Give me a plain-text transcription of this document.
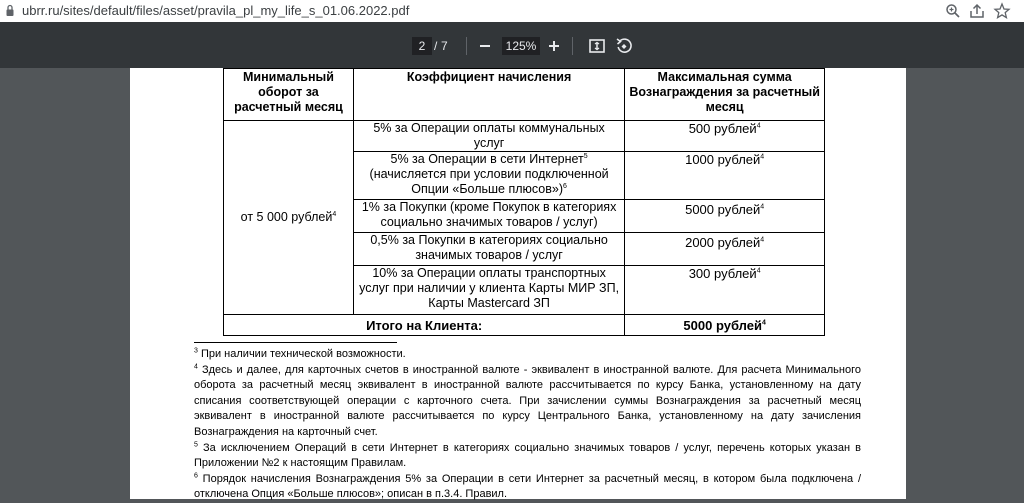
ubrr.ru/sites/default/files/asset/pravila_pl_my_life_s_01.06.2022.pdf
2 / 7	125%
Минимальный оборот за расчетный месяц	Коэффициент начисления	Максимальная сумма Вознаграждения за расчетный месяц
от 5 000 рублей$^4$	5% за Операции оплаты коммунальных услуг	500 рублей$^4$
	5% за Операции в сети Интернет$^5$ (начисляется при условии подключенной Опции «Больше плюсов»)$^6$	1000 рублей$^4$
	1% за Покупки (кроме Покупок в категориях социально значимых товаров / услуг)	5000 рублей$^4$
	0,5% за Покупки в категориях социально значимых товаров / услуг	2000 рублей$^4$
	10% за Операции оплаты транспортных услуг при наличии у клиента Карты МИР ЗП, Карты Mastercard ЗП	300 рублей$^4$
Итого на Клиента:		5000 рублей$^4$

$^3$ При наличии технической возможности.

$^4$ Здесь и далее, для карточных счетов в иностранной валюте - эквивалент в иностранной валюте. Для расчета Минимального оборота за расчетный месяц эквивалент в иностранной валюте рассчитывается по курсу Банка, установленному на дату списания соответствующей операции с карточного счета. При зачислении суммы Вознаграждения за расчетный месяц эквивалент в иностранной валюте рассчитывается по курсу Центрального Банка, установленному на дату зачисления Вознаграждения на карточный счет.

$^5$ За исключением Операций в сети Интернет в категориях социально значимых товаров / услуг, перечень которых указан в Приложении №2 к настоящим Правилам.

$^6$ Порядок начисления Вознаграждения 5% за Операции в сети Интернет за расчетный месяц, в котором была подключена / отключена Опция «Больше плюсов»; описан в п.3.4. Правил.
